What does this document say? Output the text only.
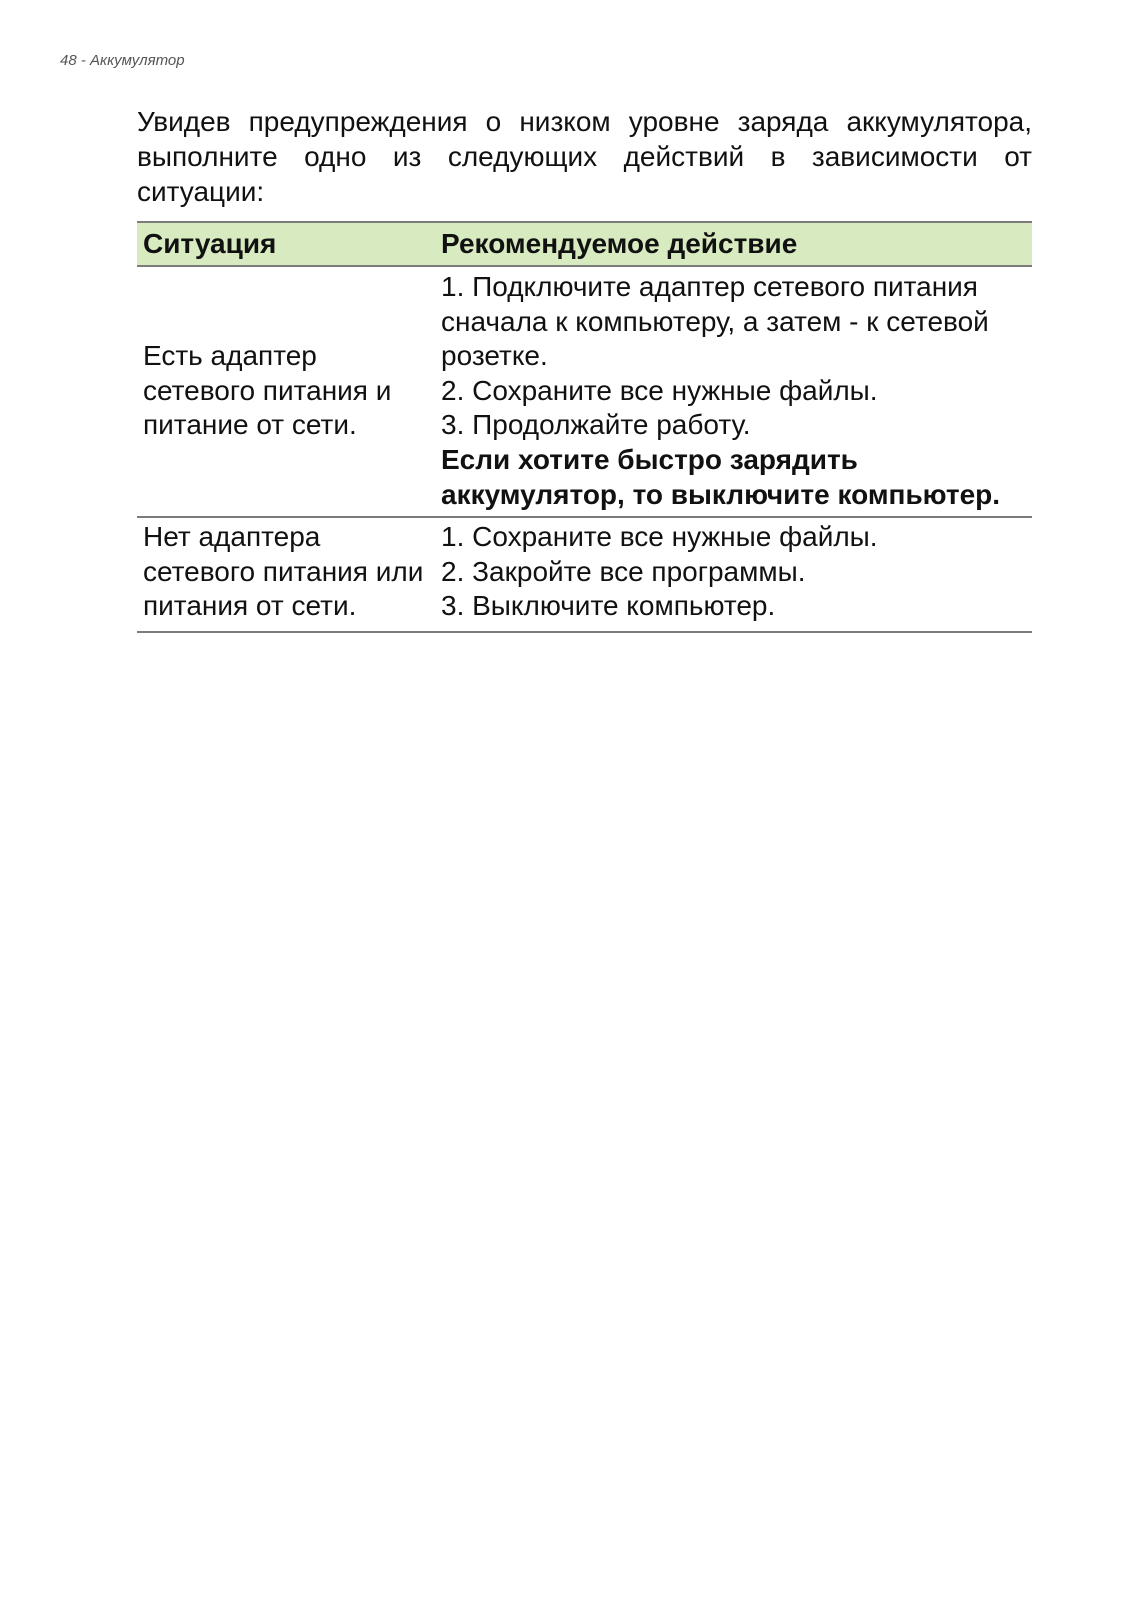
48 - Аккумулятор

Увидев предупреждения о низком уровне заряда аккумулятора, выполните одно из следующих действий в зависимости от ситуации:

Ситуация	Рекомендуемое действие
Есть адаптер сетевого питания и питание от сети.	1. Подключите адаптер сетевого питания сначала к компьютеру, а затем - к сетевой розетке.
2. Сохраните все нужные файлы.
3. Продолжайте работу.
Если хотите быстро зарядить аккумулятор, то выключите компьютер.

Нет адаптера сетевого питания или питания от сети.	1. Сохраните все нужные файлы.
2. Закройте все программы.
3. Выключите компьютер.
